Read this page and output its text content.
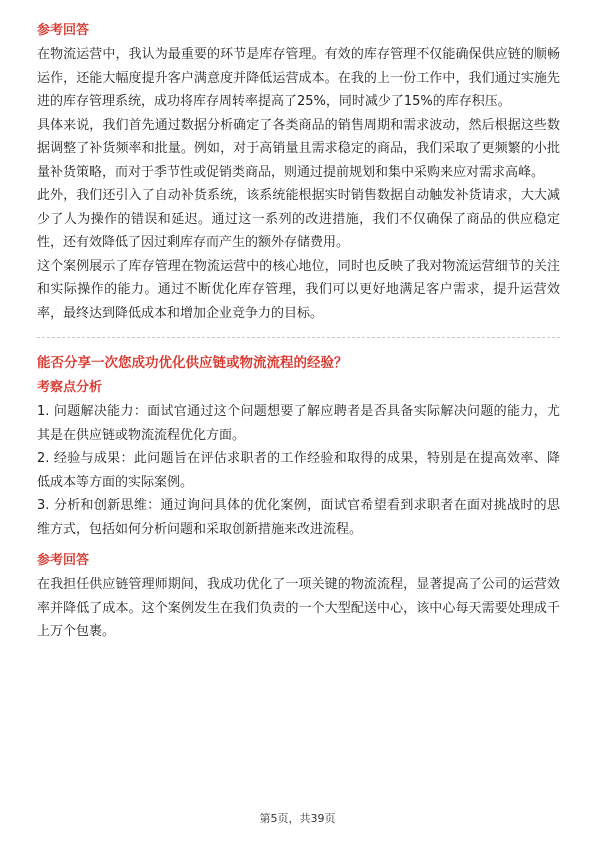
参考回答

在物流运营中，我认为最重要的环节是库存管理。有效的库存管理不仅能确保供应链的顺畅运作，还能大幅度提升客户满意度并降低运营成本。在我的上一份工作中，我们通过实施先进的库存管理系统，成功将库存周转率提高了25%，同时减少了15%的库存积压。

具体来说，我们首先通过数据分析确定了各类商品的销售周期和需求波动，然后根据这些数据调整了补货频率和批量。例如，对于高销量且需求稳定的商品，我们采取了更频繁的小批量补货策略，而对于季节性或促销类商品，则通过提前规划和集中采购来应对需求高峰。

此外，我们还引入了自动补货系统，该系统能根据实时销售数据自动触发补货请求，大大减少了人为操作的错误和延迟。通过这一系列的改进措施，我们不仅确保了商品的供应稳定性，还有效降低了因过剩库存而产生的额外存储费用。

这个案例展示了库存管理在物流运营中的核心地位，同时也反映了我对物流运营细节的关注和实际操作的能力。通过不断优化库存管理，我们可以更好地满足客户需求，提升运营效率，最终达到降低成本和增加企业竞争力的目标。

能否分享一次您成功优化供应链或物流流程的经验？

考察点分析

1. 问题解决能力：面试官通过这个问题想要了解应聘者是否具备实际解决问题的能力，尤其是在供应链或物流流程优化方面。

2. 经验与成果：此问题旨在评估求职者的工作经验和取得的成果，特别是在提高效率、降低成本等方面的实际案例。

3. 分析和创新思维：通过询问具体的优化案例，面试官希望看到求职者在面对挑战时的思维方式，包括如何分析问题和采取创新措施来改进流程。

参考回答

在我担任供应链管理师期间，我成功优化了一项关键的物流流程，显著提高了公司的运营效率并降低了成本。这个案例发生在我们负责的一个大型配送中心，该中心每天需要处理成千上万个包裹。

第5页，共39页
